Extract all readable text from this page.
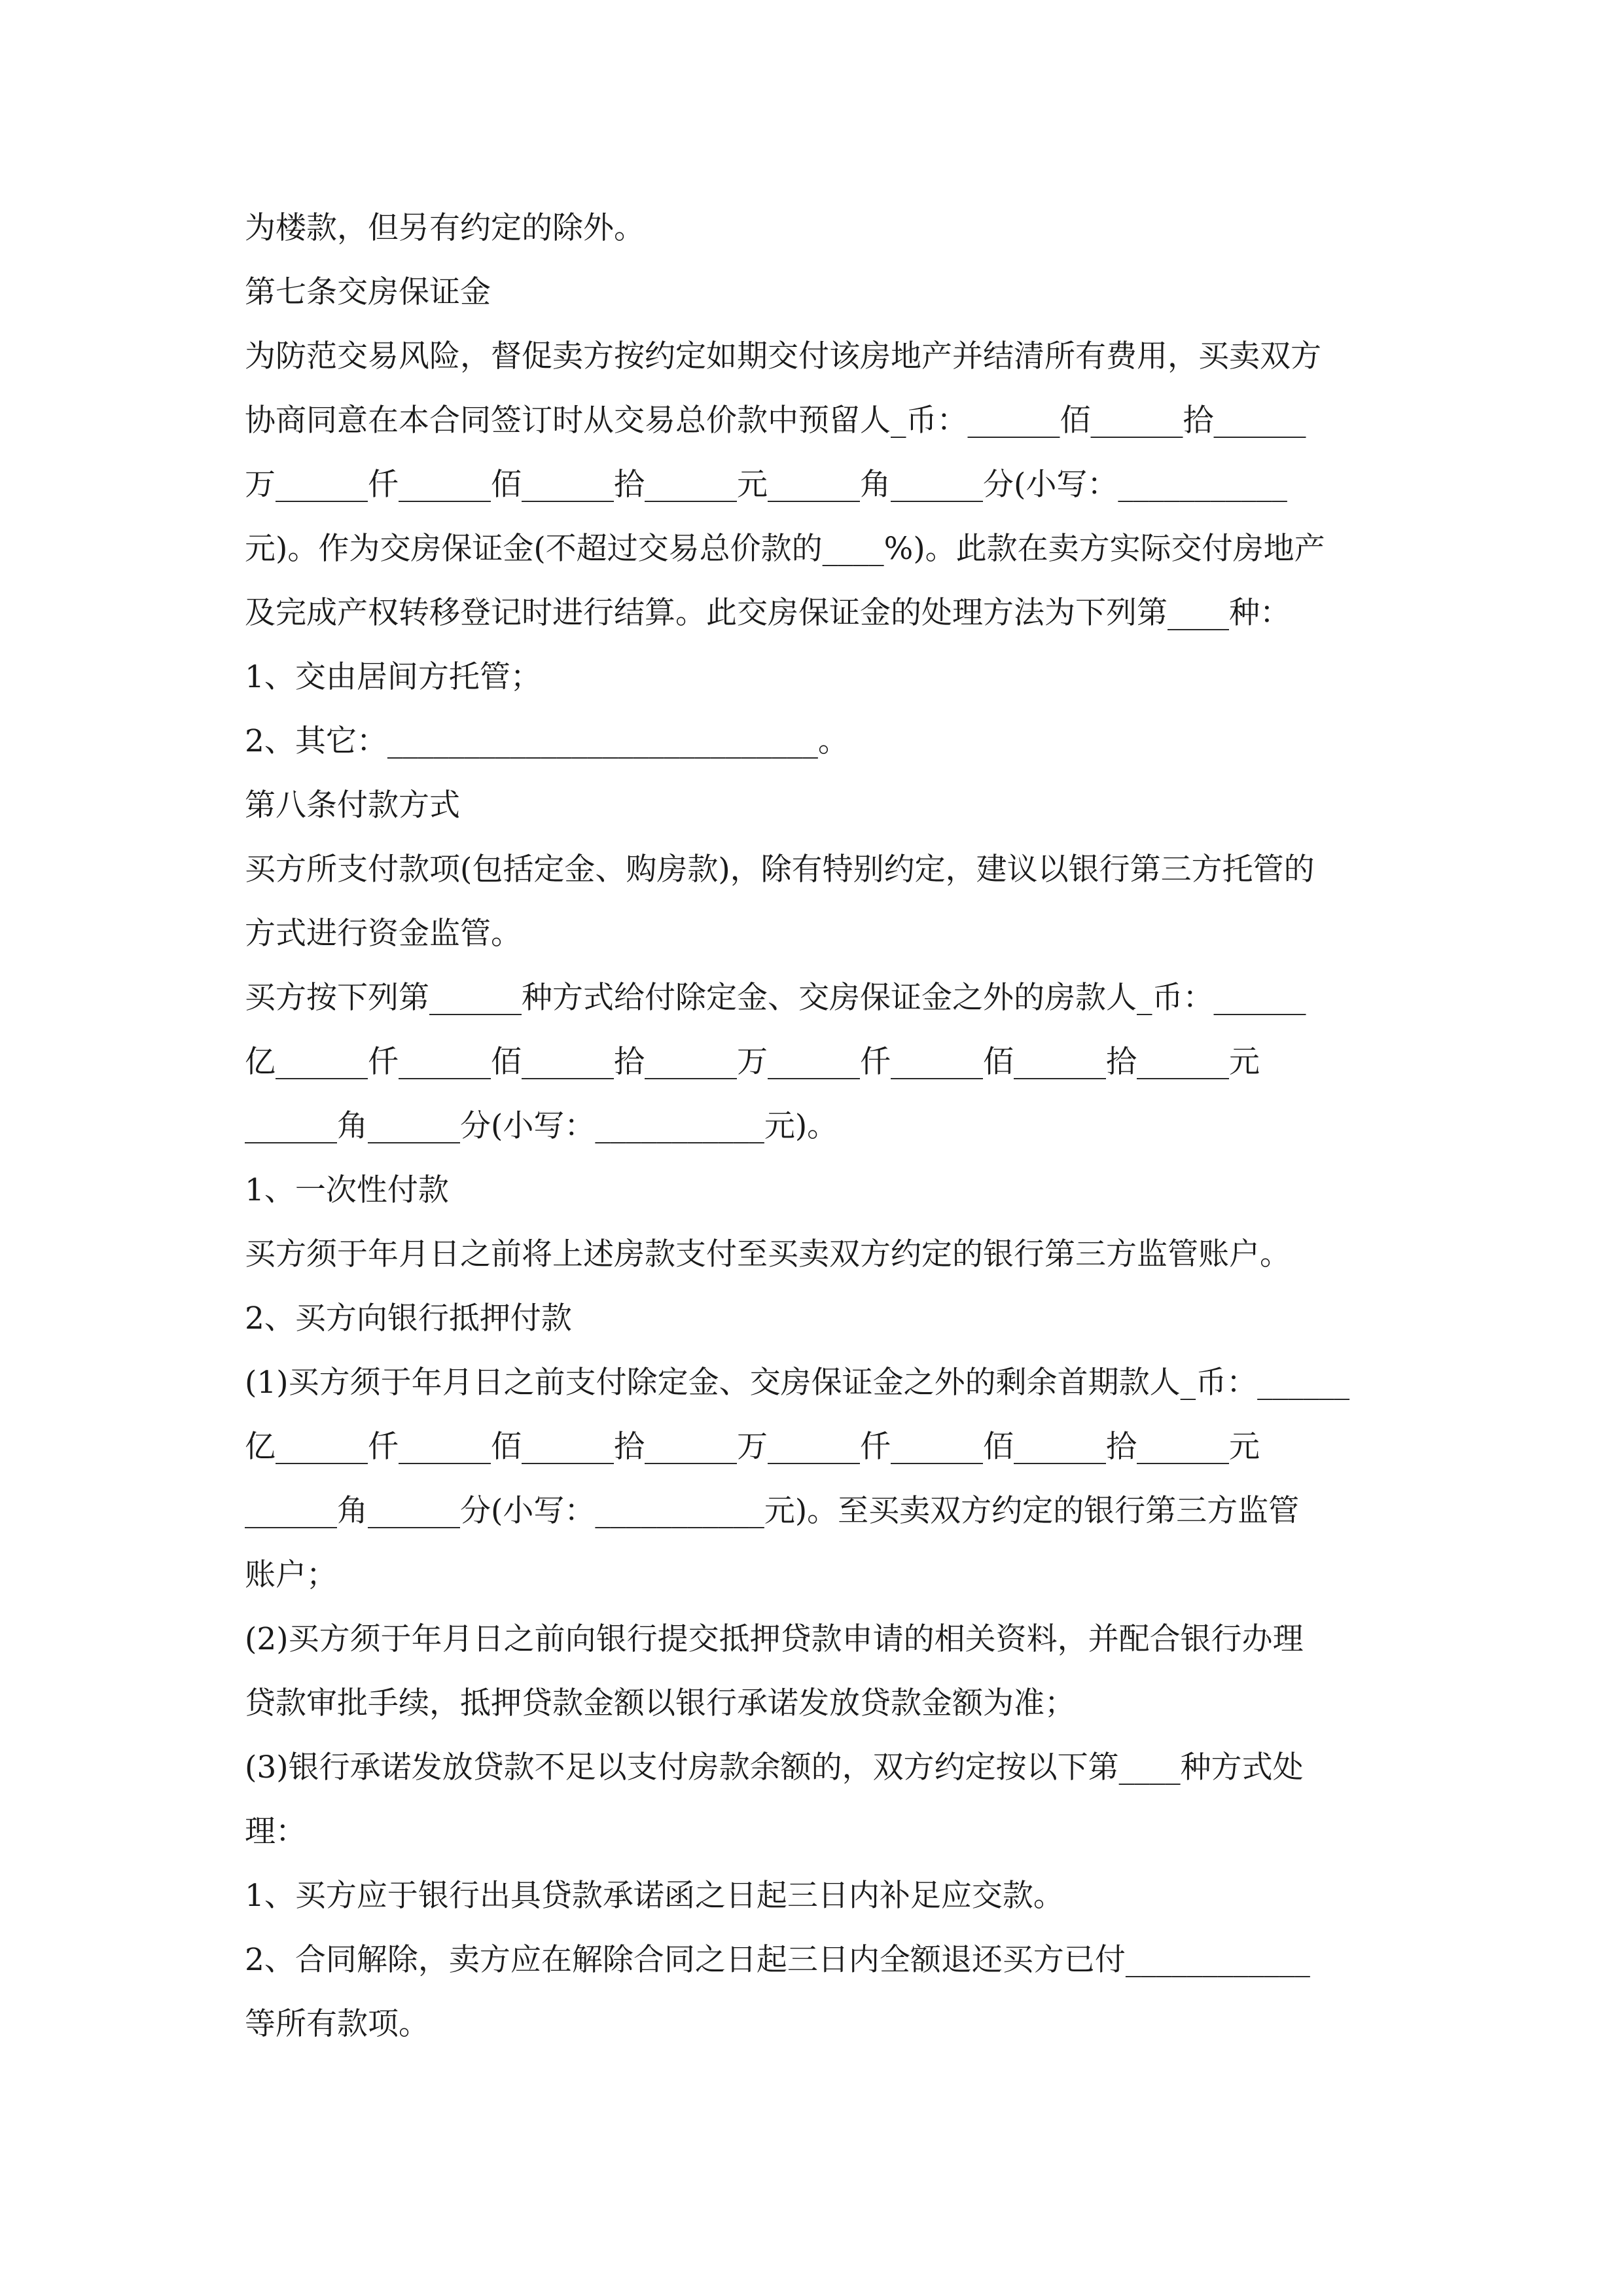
为楼款，但另有约定的除外。
第七条交房保证金
为防范交易风险，督促卖方按约定如期交付该房地产并结清所有费用，买卖双方
协商同意在本合同签订时从交易总价款中预留人_币：______佰______拾______
万______仟______佰______拾______元______角______分(小写：___________
元)。作为交房保证金(不超过交易总价款的____%)。此款在卖方实际交付房地产
及完成产权转移登记时进行结算。此交房保证金的处理方法为下列第____种：
1、交由居间方托管；
2、其它：____________________________。
第八条付款方式
买方所支付款项(包括定金、购房款)，除有特别约定，建议以银行第三方托管的
方式进行资金监管。
买方按下列第______种方式给付除定金、交房保证金之外的房款人_币：______
亿______仟______佰______拾______万______仟______佰______拾______元
______角______分(小写：___________元)。
1、一次性付款
买方须于年月日之前将上述房款支付至买卖双方约定的银行第三方监管账户。
2、买方向银行抵押付款
(1)买方须于年月日之前支付除定金、交房保证金之外的剩余首期款人_币：______
亿______仟______佰______拾______万______仟______佰______拾______元
______角______分(小写：___________元)。至买卖双方约定的银行第三方监管
账户；
(2)买方须于年月日之前向银行提交抵押贷款申请的相关资料，并配合银行办理
贷款审批手续，抵押贷款金额以银行承诺发放贷款金额为准；
(3)银行承诺发放贷款不足以支付房款余额的，双方约定按以下第____种方式处
理：
1、买方应于银行出具贷款承诺函之日起三日内补足应交款。
2、合同解除，卖方应在解除合同之日起三日内全额退还买方已付____________
等所有款项。
